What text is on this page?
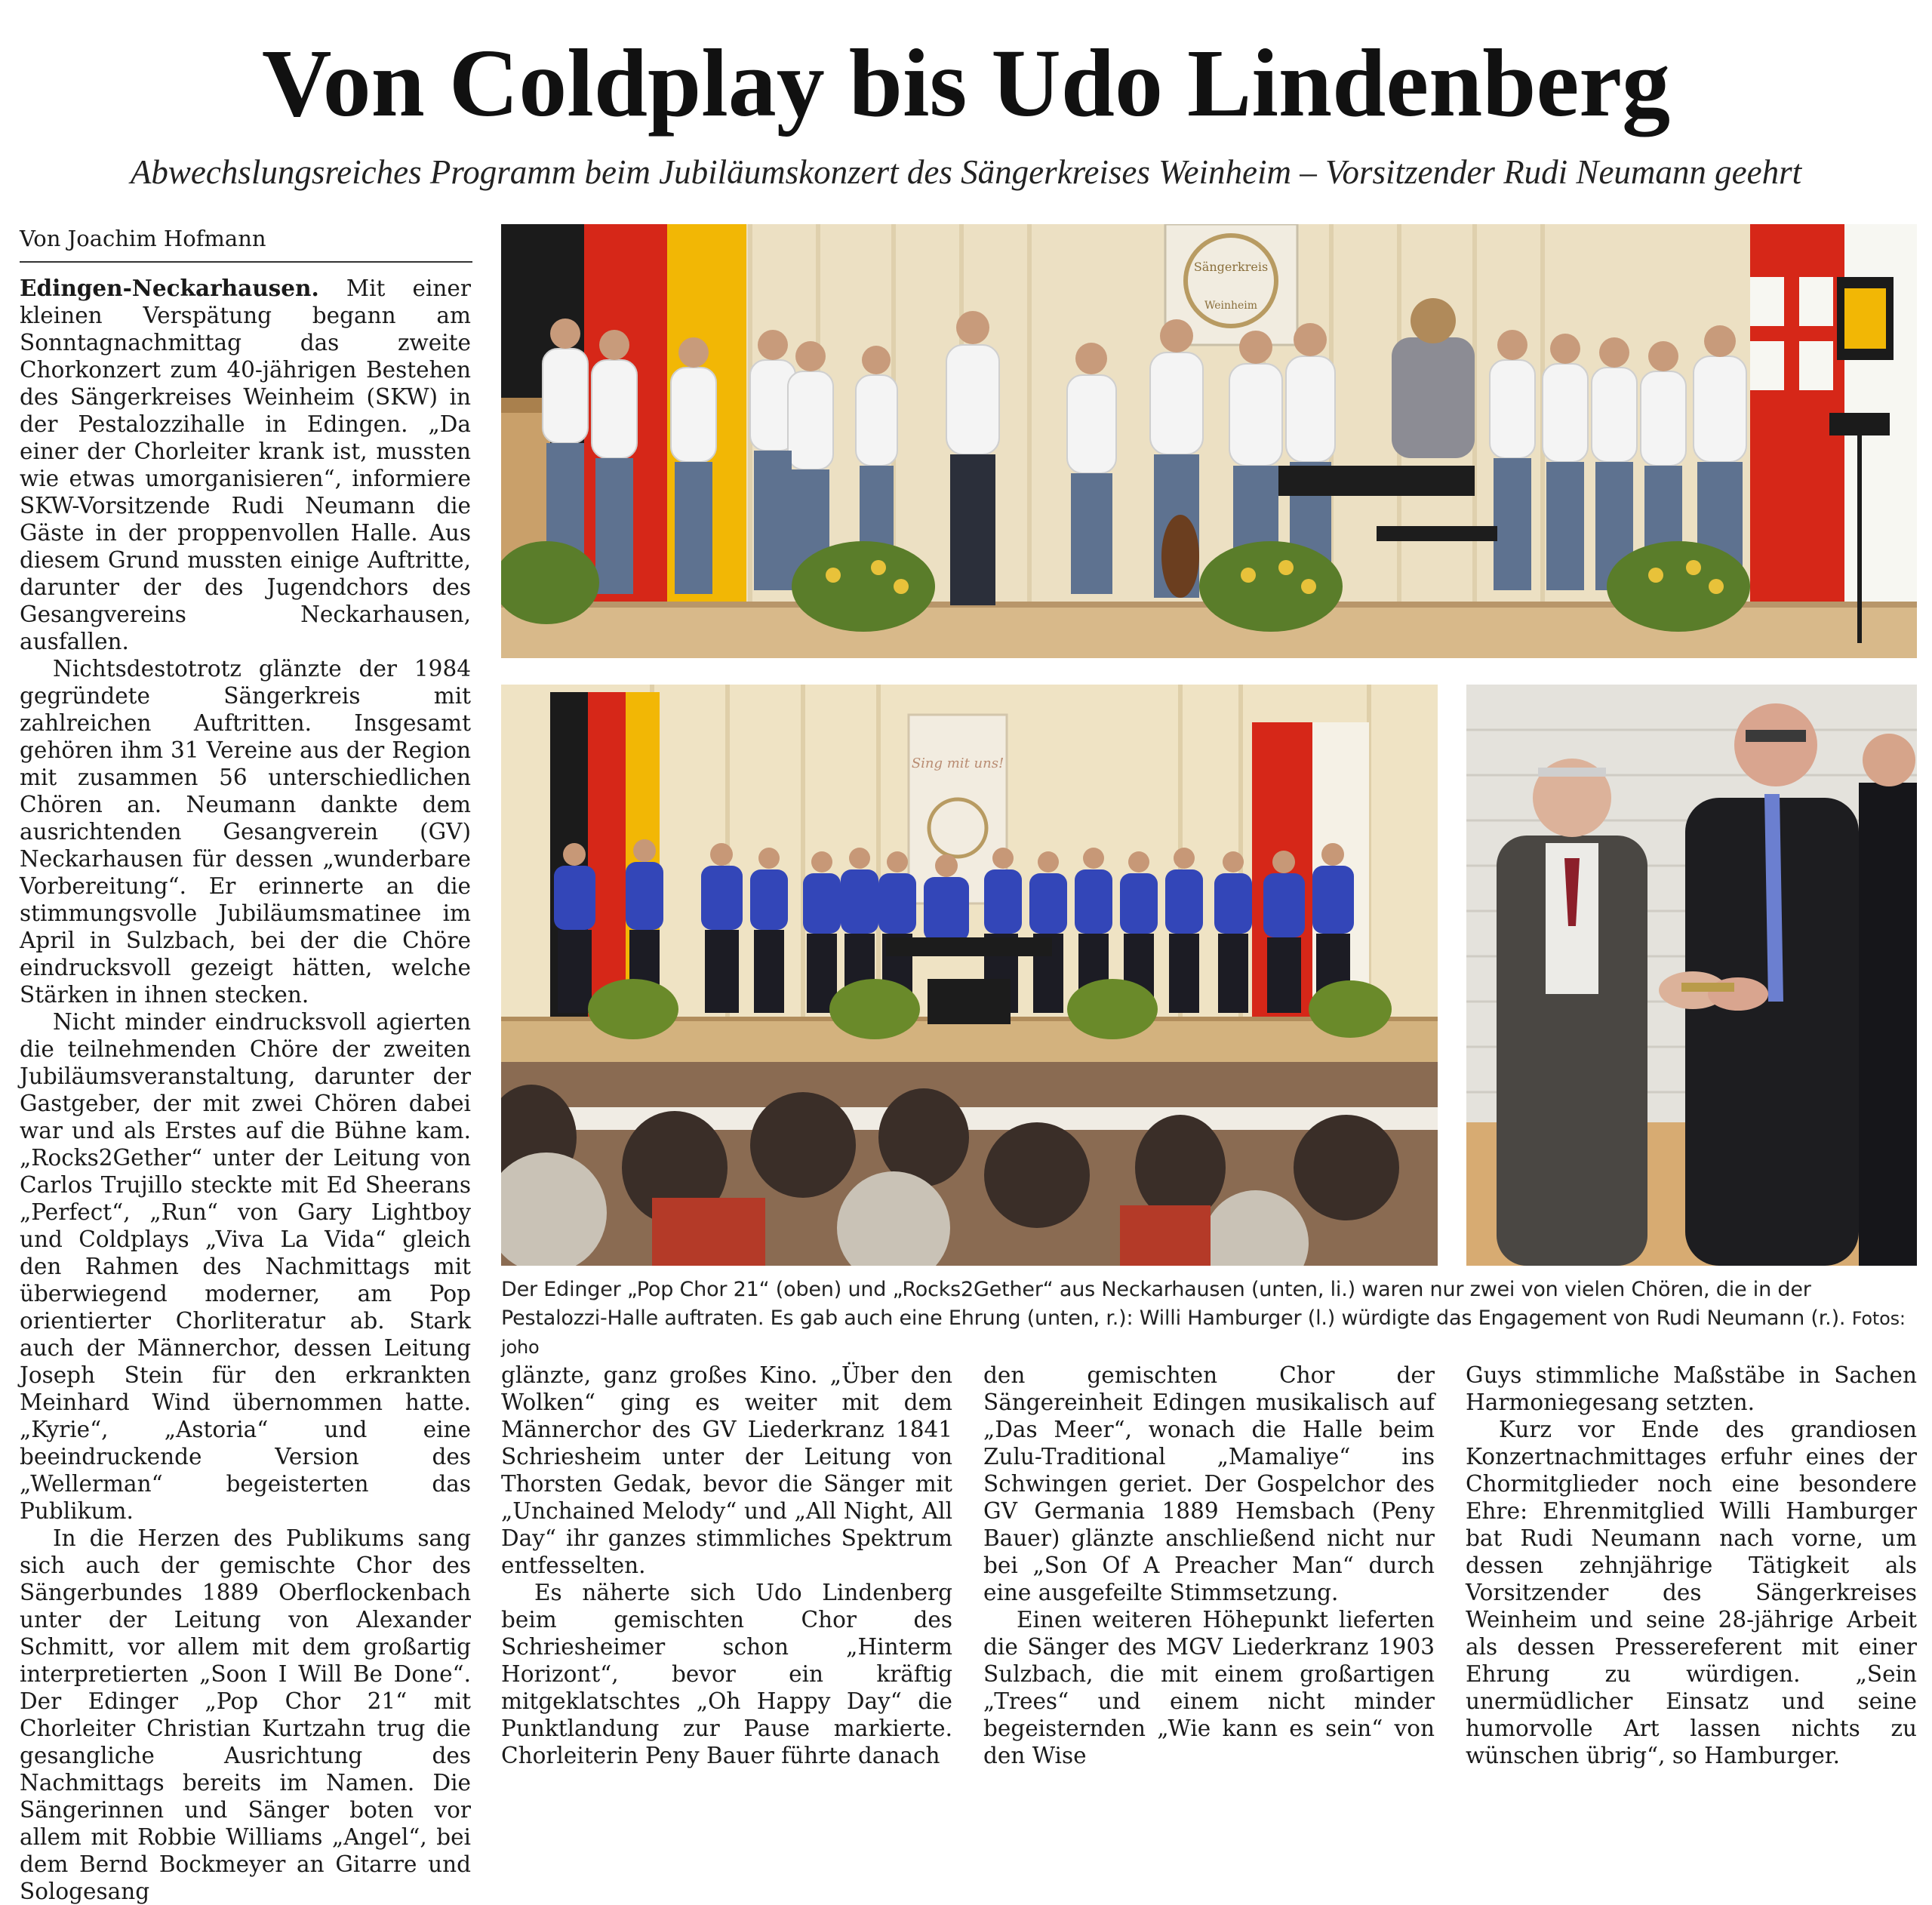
Von Coldplay bis Udo Lindenberg
Abwechslungsreiches Programm beim Jubiläumskonzert des Sängerkreises Weinheim – Vorsitzender Rudi Neumann geehrt
Von Joachim Hofmann

Edingen-Neckarhausen. Mit einer kleinen Verspätung begann am Sonntagnachmittag das zweite Chorkonzert zum 40-jährigen Bestehen des Sängerkreises Weinheim (SKW) in der Pestalozzihalle in Edingen. „Da einer der Chorleiter krank ist, mussten wie etwas umorganisieren“, informiere SKW-Vorsitzende Rudi Neumann die Gäste in der proppenvollen Halle. Aus diesem Grund mussten einige Auftritte, darunter der des Jugendchors des Gesangvereins Neckarhausen, ausfallen.

Nichtsdestotrotz glänzte der 1984 gegründete Sängerkreis mit zahlreichen Auftritten. Insgesamt gehören ihm 31 Vereine aus der Region mit zusammen 56 unterschiedlichen Chören an. Neumann dankte dem ausrichtenden Gesangverein (GV) Neckarhausen für dessen „wunderbare Vorbereitung“. Er erinnerte an die stimmungsvolle Jubiläumsmatinee im April in Sulzbach, bei der die Chöre eindrucksvoll gezeigt hätten, welche Stärken in ihnen stecken.

Nicht minder eindrucksvoll agierten die teilnehmenden Chöre der zweiten Jubiläumsveranstaltung, darunter der Gastgeber, der mit zwei Chören dabei war und als Erstes auf die Bühne kam. „Rocks2Gether“ unter der Leitung von Carlos Trujillo steckte mit Ed Sheerans „Perfect“, „Run“ von Gary Lightboy und Coldplays „Viva La Vida“ gleich den Rahmen des Nachmittags mit überwiegend moderner, am Pop orientierter Chorliteratur ab. Stark auch der Männerchor, dessen Leitung Joseph Stein für den erkrankten Meinhard Wind übernommen hatte. „Kyrie“, „Astoria“ und eine beeindruckende Version des „Wellerman“ begeisterten das Publikum.

In die Herzen des Publikums sang sich auch der gemischte Chor des Sängerbundes 1889 Oberflockenbach unter der Leitung von Alexander Schmitt, vor allem mit dem großartig interpretierten „Soon I Will Be Done“. Der Edinger „Pop Chor 21“ mit Chorleiter Christian Kurtzahn trug die gesangliche Ausrichtung des Nachmittags bereits im Namen. Die Sängerinnen und Sänger boten vor allem mit Robbie Williams „Angel“, bei dem Bernd Bockmeyer an Gitarre und Sologesang

Sängerkreis
Weinheim
Sing mit uns!
Der Edinger „Pop Chor 21“ (oben) und „Rocks2Gether“ aus Neckarhausen (unten, li.) waren nur zwei von vielen Chören, die in der Pestalozzi-Halle auftraten. Es gab auch eine Ehrung (unten, r.): Willi Hamburger (l.) würdigte das Engagement von Rudi Neumann (r.). Fotos: joho

glänzte, ganz großes Kino. „Über den Wolken“ ging es weiter mit dem Männerchor des GV Liederkranz 1841 Schriesheim unter der Leitung von Thorsten Gedak, bevor die Sänger mit „Unchained Melody“ und „All Night, All Day“ ihr ganzes stimmliches Spektrum entfesselten.

Es näherte sich Udo Lindenberg beim gemischten Chor des Schriesheimer schon „Hinterm Horizont“, bevor ein kräftig mitgeklatschtes „Oh Happy Day“ die Punktlandung zur Pause markierte. Chorleiterin Peny Bauer führte danach

den gemischten Chor der Sängereinheit Edingen musikalisch auf „Das Meer“, wonach die Halle beim Zulu-Traditional „Mamaliye“ ins Schwingen geriet. Der Gospelchor des GV Germania 1889 Hemsbach (Peny Bauer) glänzte anschließend nicht nur bei „Son Of A Preacher Man“ durch eine ausgefeilte Stimmsetzung.

Einen weiteren Höhepunkt lieferten die Sänger des MGV Liederkranz 1903 Sulzbach, die mit einem großartigen „Trees“ und einem nicht minder begeisternden „Wie kann es sein“ von den Wise

Guys stimmliche Maßstäbe in Sachen Harmoniegesang setzten.

Kurz vor Ende des grandiosen Konzertnachmittages erfuhr eines der Chormitglieder noch eine besondere Ehre: Ehrenmitglied Willi Hamburger bat Rudi Neumann nach vorne, um dessen zehnjährige Tätigkeit als Vorsitzender des Sängerkreises Weinheim und seine 28-jährige Arbeit als dessen Pressereferent mit einer Ehrung zu würdigen. „Sein unermüdlicher Einsatz und seine humorvolle Art lassen nichts zu wünschen übrig“, so Hamburger.
